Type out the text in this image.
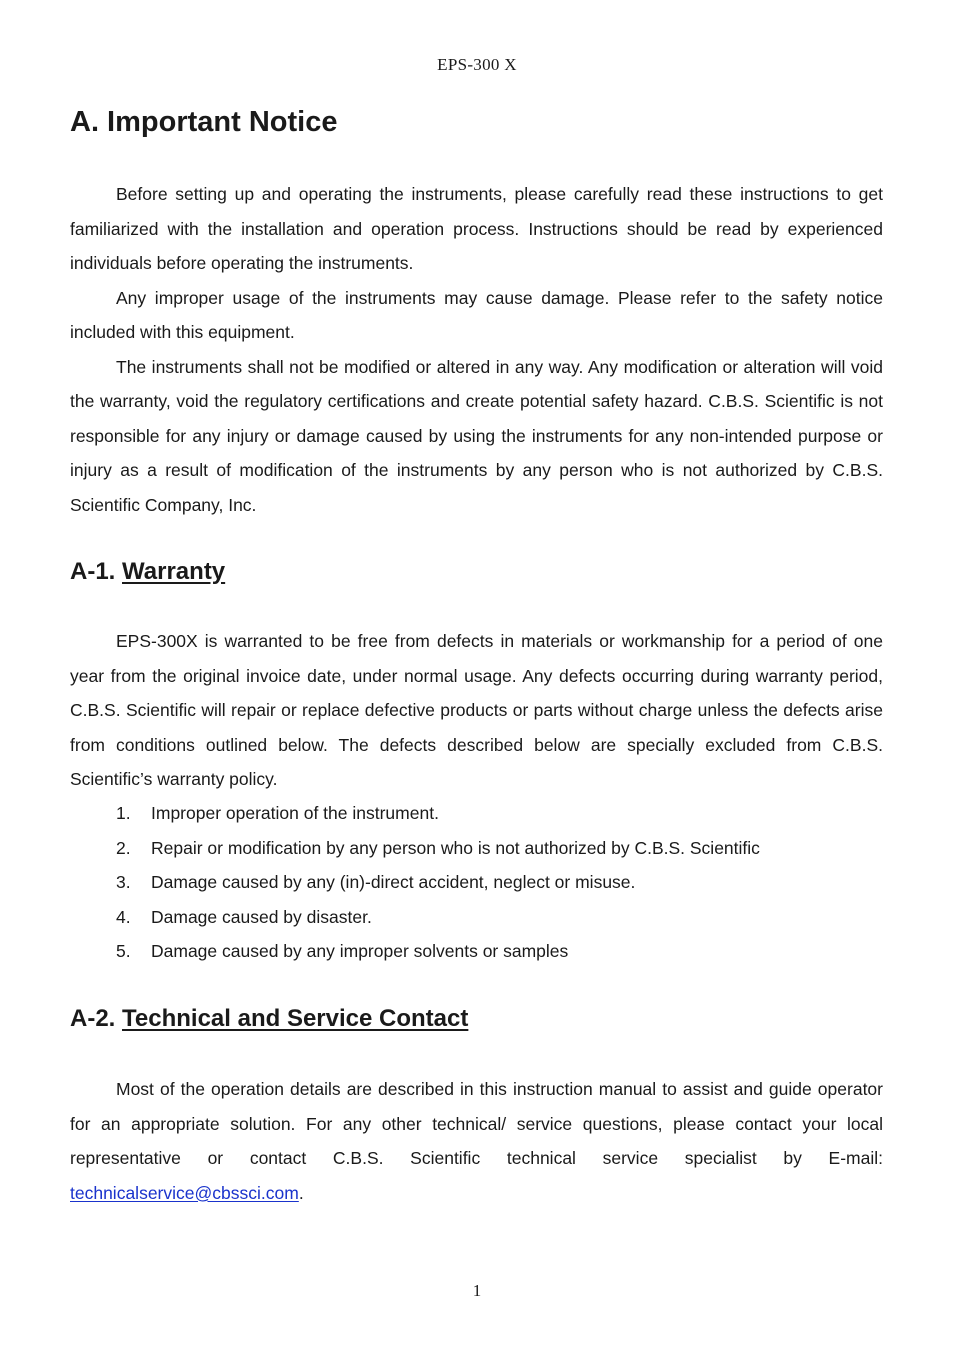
EPS-300 X
A. Important Notice

Before setting up and operating the instruments, please carefully read these instructions to get familiarized with the installation and operation process. Instructions should be read by experienced individuals before operating the instruments.

Any improper usage of the instruments may cause damage. Please refer to the safety notice included with this equipment.

The instruments shall not be modified or altered in any way. Any modification or alteration will void the warranty, void the regulatory certifications and create potential safety hazard. C.B.S. Scientific is not responsible for any injury or damage caused by using the instruments for any non-intended purpose or injury as a result of modification of the instruments by any person who is not authorized by C.B.S. Scientific Company, Inc.

A-1. Warranty

EPS-300X is warranted to be free from defects in materials or workmanship for a period of one year from the original invoice date, under normal usage. Any defects occurring during warranty period, C.B.S. Scientific will repair or replace defective products or parts without charge unless the defects arise from conditions outlined below. The defects described below are specially excluded from C.B.S. Scientific’s warranty policy.

1.	Improper operation of the instrument.
2.	Repair or modification by any person who is not authorized by C.B.S. Scientific
3.	Damage caused by any (in)-direct accident, neglect or misuse.
4.	Damage caused by disaster.
5.	Damage caused by any improper solvents or samples
A-2. Technical and Service Contact

Most of the operation details are described in this instruction manual to assist and guide operator for an appropriate solution. For any other technical/ service questions, please contact your local representative or contact C.B.S. Scientific technical service specialist by E-mail: technicalservice@cbssci.com.

1
